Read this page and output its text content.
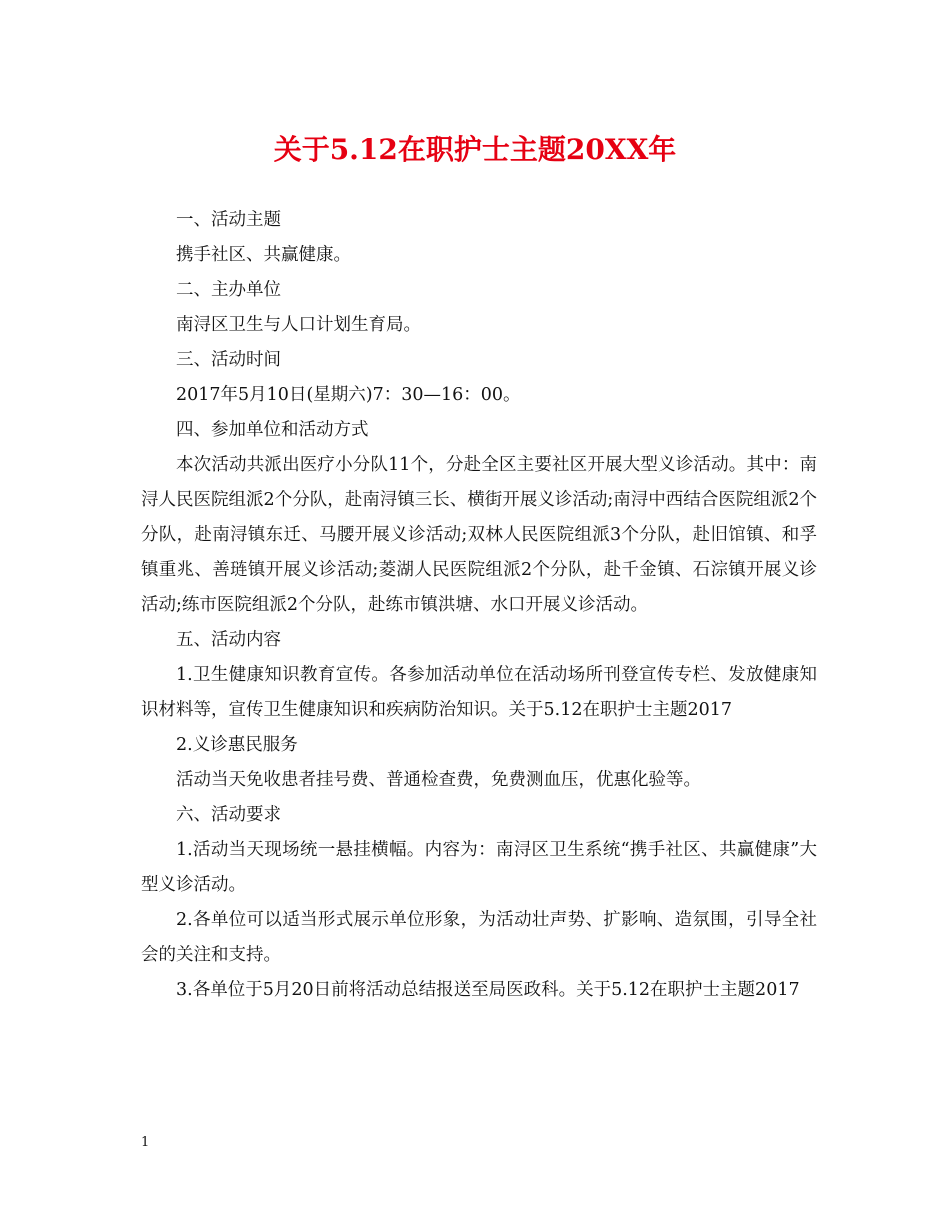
关于5.12在职护士主题20XX年

一、活动主题

携手社区、共赢健康。

二、主办单位

南浔区卫生与人口计划生育局。

三、活动时间

2017年5月10日(星期六)7：30—16：00。

四、参加单位和活动方式

本次活动共派出医疗小分队11个，分赴全区主要社区开展大型义诊活动。其中：南浔人民医院组派2个分队，赴南浔镇三长、横街开展义诊活动;南浔中西结合医院组派2个分队，赴南浔镇东迁、马腰开展义诊活动;双林人民医院组派3个分队，赴旧馆镇、和孚镇重兆、善琏镇开展义诊活动;菱湖人民医院组派2个分队，赴千金镇、石淙镇开展义诊活动;练市医院组派2个分队，赴练市镇洪塘、水口开展义诊活动。

五、活动内容

1.卫生健康知识教育宣传。各参加活动单位在活动场所刊登宣传专栏、发放健康知识材料等，宣传卫生健康知识和疾病防治知识。关于5.12在职护士主题2017

2.义诊惠民服务

活动当天免收患者挂号费、普通检查费，免费测血压，优惠化验等。

六、活动要求

1.活动当天现场统一悬挂横幅。内容为：南浔区卫生系统“携手社区、共赢健康”大型义诊活动。

2.各单位可以适当形式展示单位形象，为活动壮声势、扩影响、造氛围，引导全社会的关注和支持。

3.各单位于5月20日前将活动总结报送至局医政科。关于5.12在职护士主题2017

1
